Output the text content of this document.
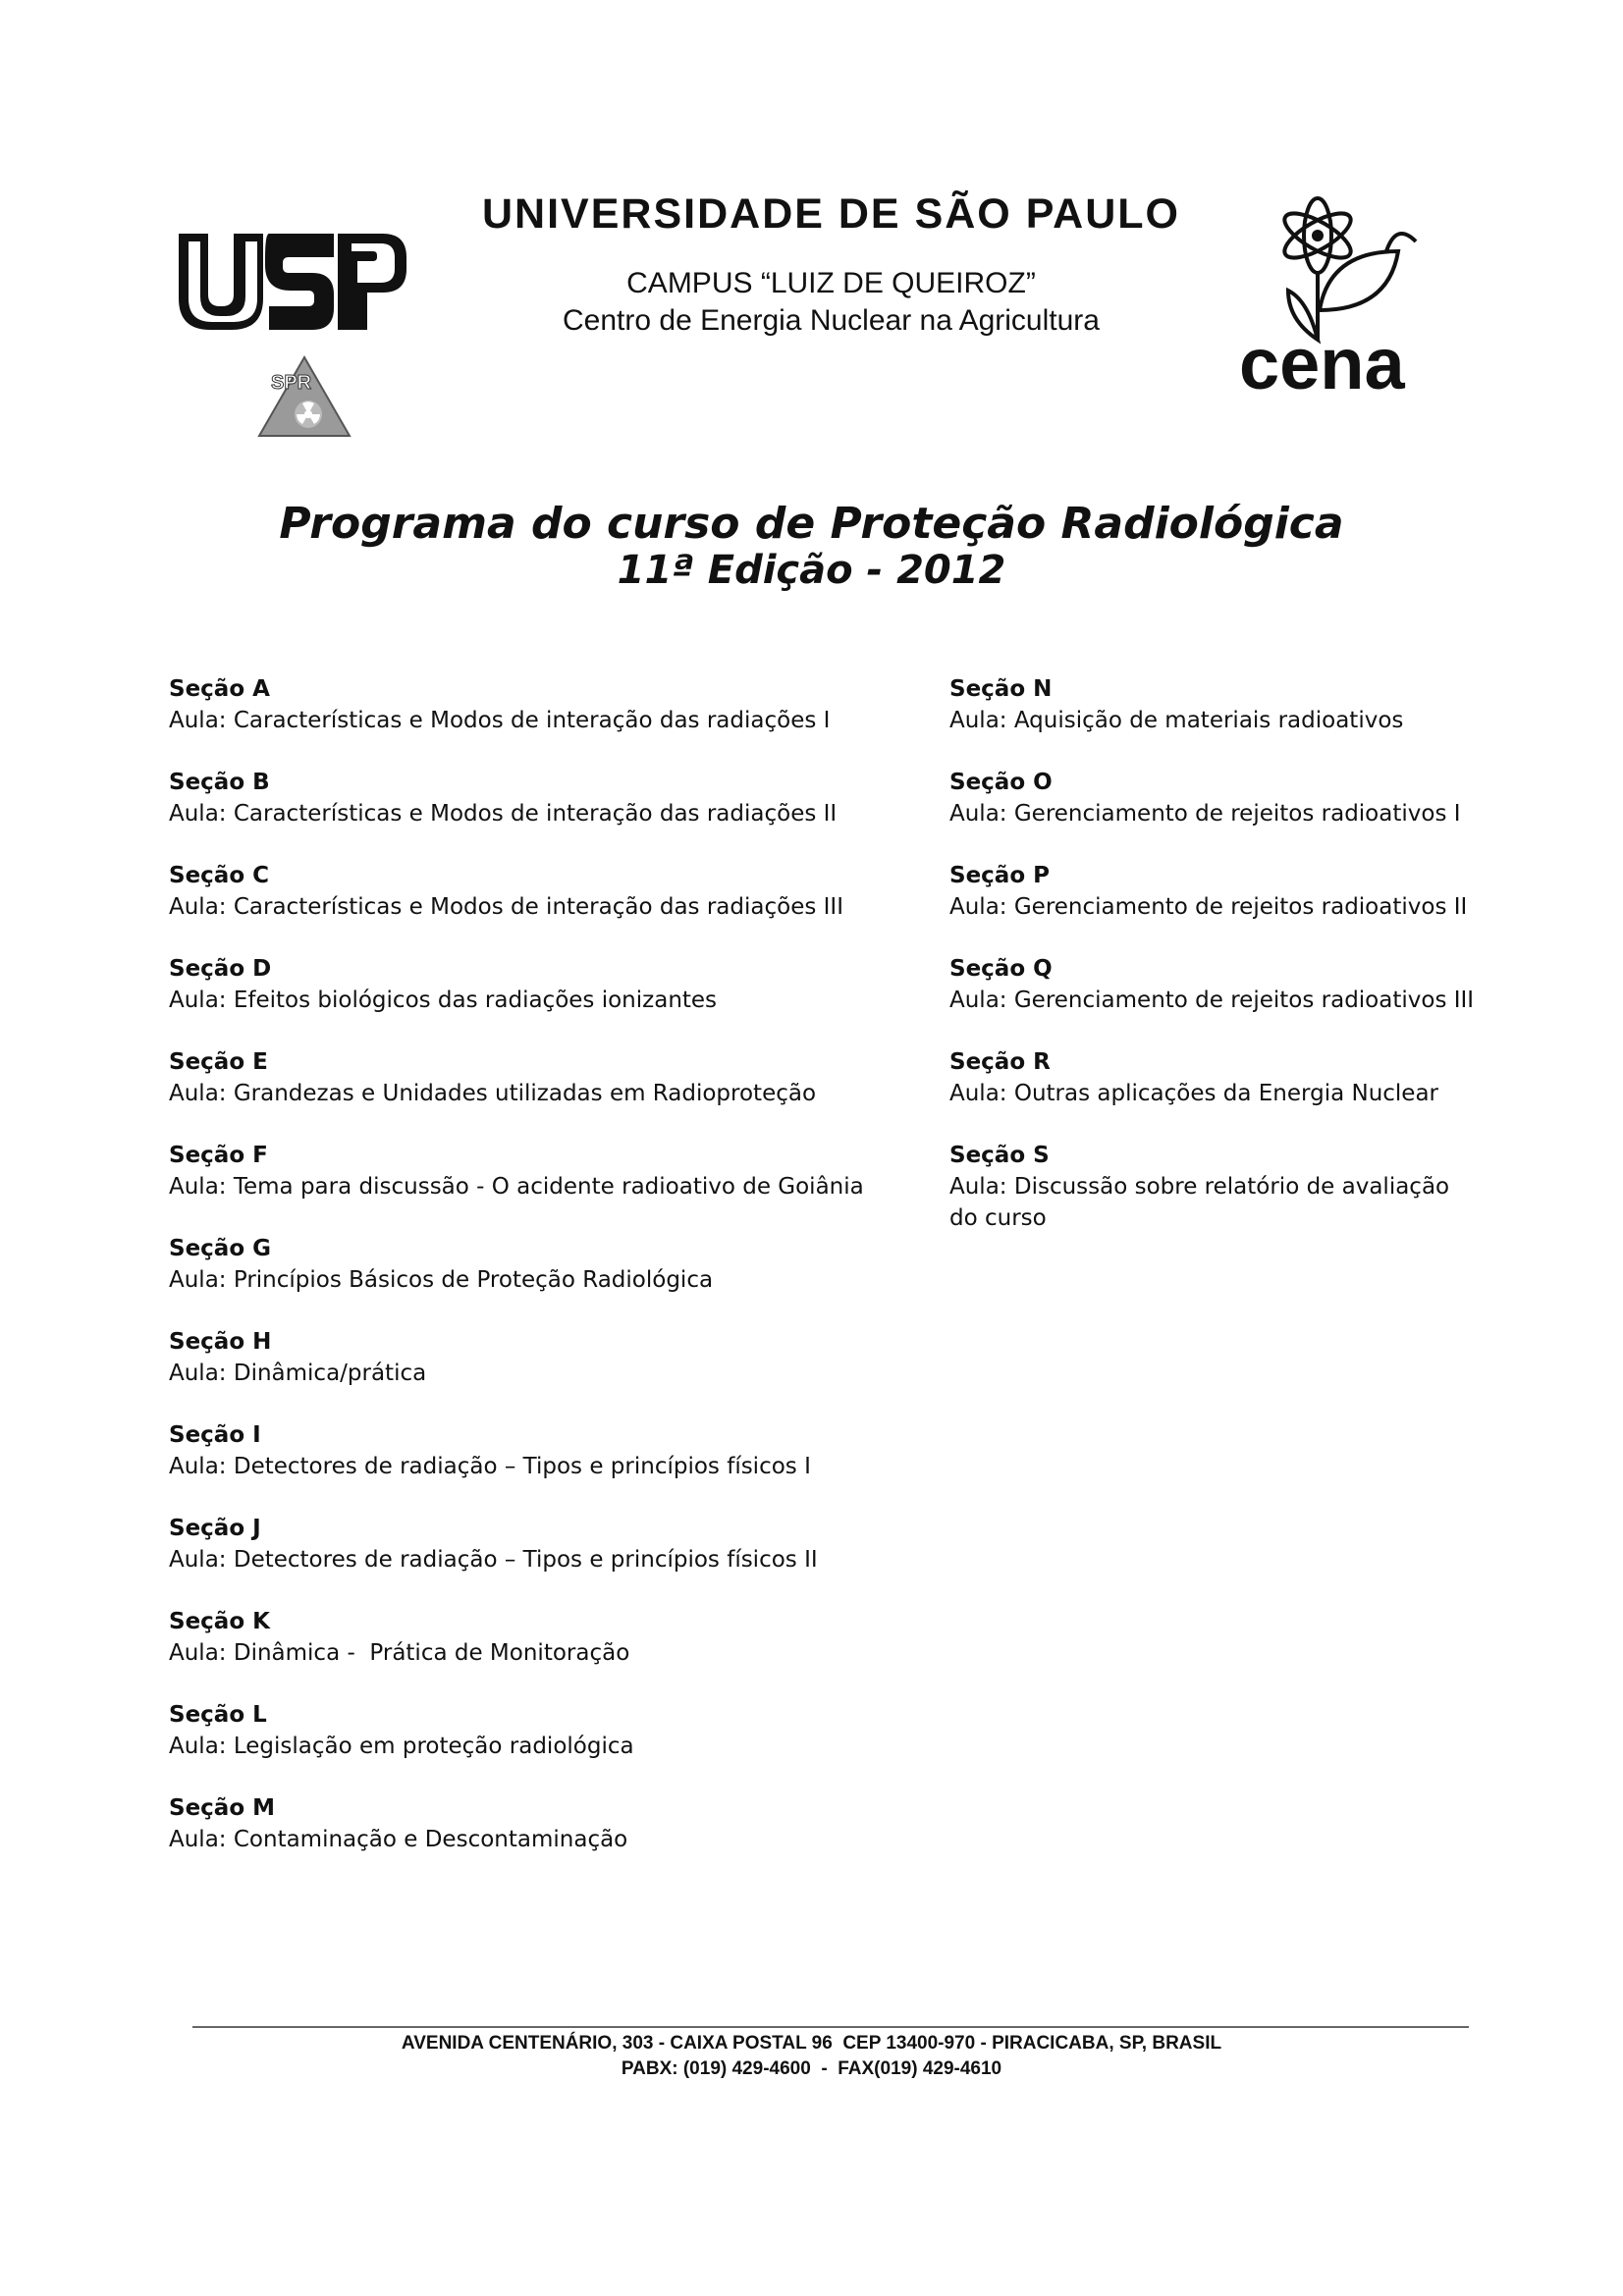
SPR	cena
UNIVERSIDADE DE SÃO PAULO
CAMPUS “LUIZ DE QUEIROZ”
Centro de Energia Nuclear na Agricultura
Programa do curso de Proteção Radiológica
11ª Edição - 2012
Seção A
Aula: Características e Modos de interação das radiações I
Seção B
Aula: Características e Modos de interação das radiações II
Seção C
Aula: Características e Modos de interação das radiações III
Seção D
Aula: Efeitos biológicos das radiações ionizantes
Seção E
Aula: Grandezas e Unidades utilizadas em Radioproteção
Seção F
Aula: Tema para discussão - O acidente radioativo de Goiânia
Seção G
Aula: Princípios Básicos de Proteção Radiológica
Seção H
Aula: Dinâmica/prática
Seção I
Aula: Detectores de radiação – Tipos e princípios físicos I
Seção J
Aula: Detectores de radiação – Tipos e princípios físicos II
Seção K
Aula: Dinâmica -  Prática de Monitoração
Seção L
Aula: Legislação em proteção radiológica
Seção M
Aula: Contaminação e Descontaminação
Seção N
Aula: Aquisição de materiais radioativos
Seção O
Aula: Gerenciamento de rejeitos radioativos I
Seção P
Aula: Gerenciamento de rejeitos radioativos II
Seção Q
Aula: Gerenciamento de rejeitos radioativos III
Seção R
Aula: Outras aplicações da Energia Nuclear
Seção S
Aula: Discussão sobre relatório de avaliação do curso
AVENIDA CENTENÁRIO, 303 - CAIXA POSTAL 96  CEP 13400-970 - PIRACICABA, SP, BRASIL
PABX: (019) 429-4600  -  FAX(019) 429-4610
